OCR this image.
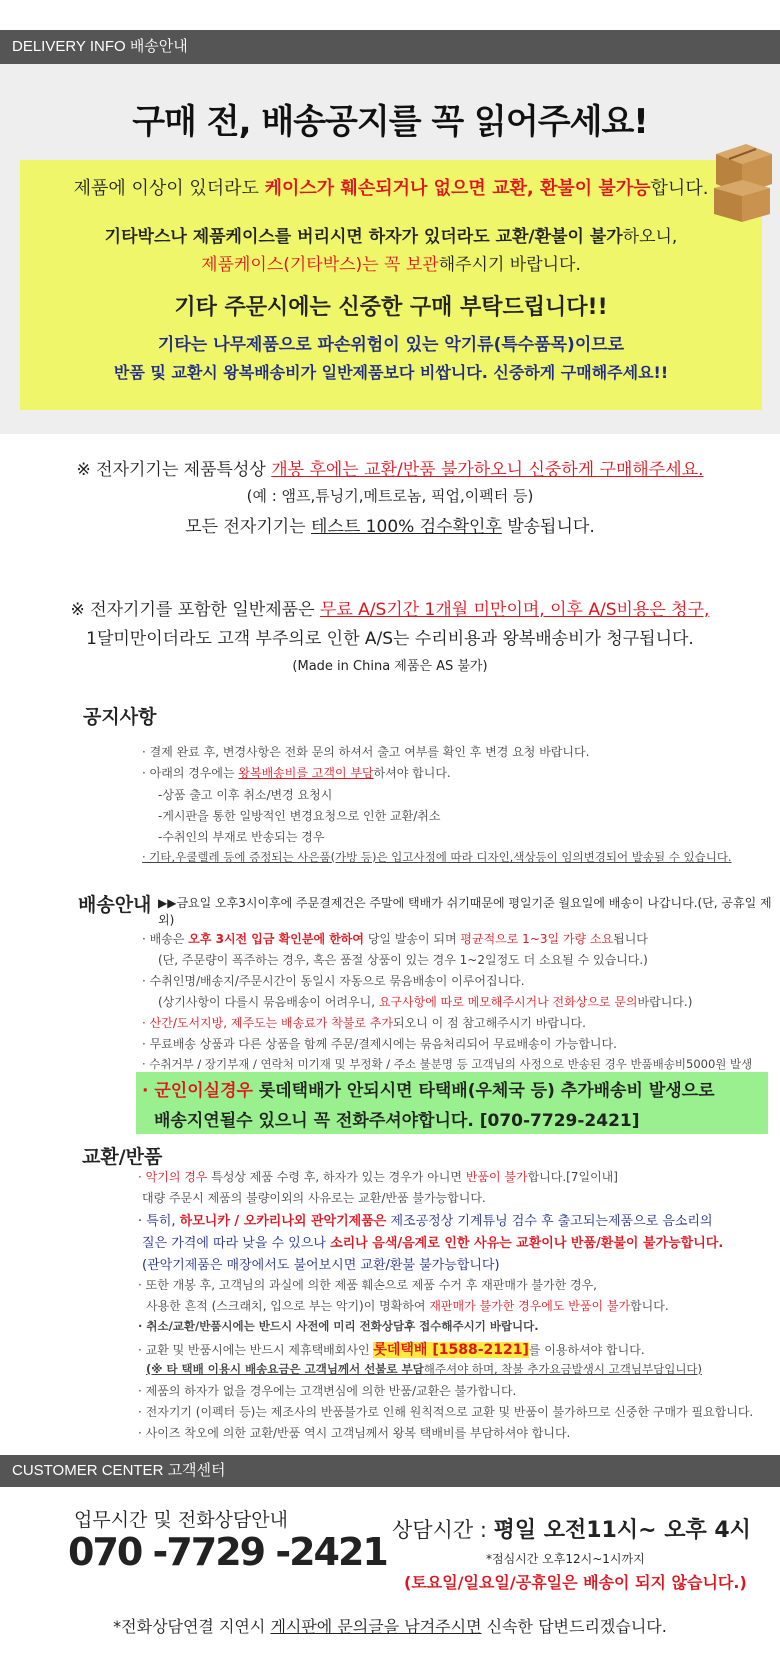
DELIVERY INFO 배송안내
구매 전, 배송공지를 꼭 읽어주세요!
제품에 이상이 있더라도 케이스가 훼손되거나 없으면 교환, 환불이 불가능합니다.
기타박스나 제품케이스를 버리시면 하자가 있더라도 교환/환불이 불가하오니,
제품케이스(기타박스)는 꼭 보관해주시기 바랍니다.
기타 주문시에는 신중한 구매 부탁드립니다!!
기타는 나무제품으로 파손위험이 있는 악기류(특수품목)이므로
반품 및 교환시 왕복배송비가 일반제품보다 비쌉니다. 신중하게 구매해주세요!!
※ 전자기기는 제품특성상 개봉 후에는 교환/반품 불가하오니 신중하게 구매해주세요.
(예 : 앰프,튜닝기,메트로놈, 픽업,이펙터 등)
모든 전자기기는 테스트 100% 검수확인후 발송됩니다.
※ 전자기기를 포함한 일반제품은 무료 A/S기간 1개월 미만이며, 이후 A/S비용은 청구,
1달미만이더라도 고객 부주의로 인한 A/S는 수리비용과 왕복배송비가 청구됩니다.
(Made in China 제품은 AS 불가)
공지사항
· 결제 완료 후, 변경사항은 전화 문의 하셔서 출고 여부를 확인 후 변경 요청 바랍니다.
· 아래의 경우에는 왕복배송비를 고객이 부담하셔야 합니다.
-상품 출고 이후 취소/변경 요청시
-게시판을 통한 일방적인 변경요청으로 인한 교환/취소
-수취인의 부재로 반송되는 경우
· 기타,우쿨렐레 등에 증정되는 사은품(가방 등)은 입고사정에 따라 디자인,색상등이 임의변경되어 발송될 수 있습니다.
배송안내 ▶▶금요일 오후3시이후에 주문결제건은 주말에 택배가 쉬기때문에 평일기준 월요일에 배송이 나갑니다.(단, 공휴일 제외)
· 배송은 오후 3시전 입금 확인분에 한하여 당일 발송이 되며 평균적으로 1~3일 가량 소요됩니다
(단, 주문량이 폭주하는 경우, 혹은 품절 상품이 있는 경우 1~2일정도 더 소요될 수 있습니다.)
· 수취인명/배송지/주문시간이 동일시 자동으로 묶음배송이 이루어집니다.
(상기사항이 다를시 묶음배송이 어려우니, 요구사항에 따로 메모해주시거나 전화상으로 문의바랍니다.)
· 산간/도서지방, 제주도는 배송료가 착불로 추가되오니 이 점 참고해주시기 바랍니다.
· 무료배송 상품과 다른 상품을 함께 주문/결제시에는 묶음처리되어 무료배송이 가능합니다.
· 수취거부 / 장기부재 / 연락처 미기재 및 부정확 / 주소 불분명 등 고객님의 사정으로 반송된 경우 반품배송비5000원 발생
· 군인이실경우 롯데택배가 안되시면 타택배(우체국 등) 추가배송비 발생으로
배송지연될수 있으니 꼭 전화주셔야합니다. [070-7729-2421]
교환/반품
· 악기의 경우 특성상 제품 수령 후, 하자가 있는 경우가 아니면 반품이 불가합니다.[7일이내]
대량 주문시 제품의 불량이외의 사유로는 교환/반품 불가능합니다.
· 특히, 하모니카 / 오카리나외 관악기제품은 제조공정상 기계튜닝 검수 후 출고되는제품으로 음소리의
질은 가격에 따라 낮을 수 있으나 소리나 음색/음계로 인한 사유는 교환이나 반품/환불이 불가능합니다.
(관악기제품은 매장에서도 불어보시면 교환/환불 불가능합니다)
· 또한 개봉 후, 고객님의 과실에 의한 제품 훼손으로 제품 수거 후 재판매가 불가한 경우,
사용한 흔적 (스크래치, 입으로 부는 악기)이 명확하여 재판매가 불가한 경우에도 반품이 불가합니다.
· 취소/교환/반품시에는 반드시 사전에 미리 전화상담후 접수해주시기 바랍니다.
· 교환 및 반품시에는 반드시 제휴택배회사인 롯데택배 [1588-2121]를 이용하셔야 합니다.
(※ 타 택배 이용시 배송요금은 고객님께서 선불로 부담해주셔야 하며, 착불 추가요금발생시 고객님부담입니다)
· 제품의 하자가 없을 경우에는 고객변심에 의한 반품/교환은 불가합니다.
· 전자기기 (이펙터 등)는 제조사의 반품불가로 인해 원칙적으로 교환 및 반품이 불가하므로 신중한 구매가 필요합니다.
· 사이즈 착오에 의한 교환/반품 역시 고객님께서 왕복 택배비를 부담하셔야 합니다.
CUSTOMER CENTER 고객센터
업무시간 및 전화상담안내
070 -7729 -2421 상담시간 : 평일 오전11시~ 오후 4시
*점심시간 오후12시~1시까지
(토요일/일요일/공휴일은 배송이 되지 않습니다.)
*전화상담연결 지연시 게시판에 문의글을 남겨주시면 신속한 답변드리겠습니다.
